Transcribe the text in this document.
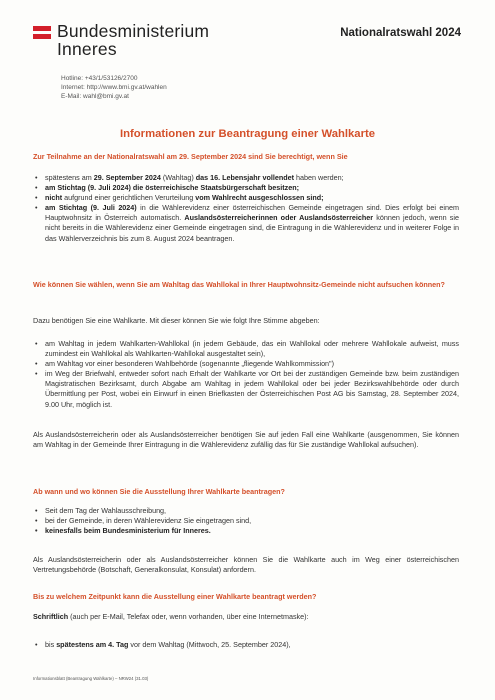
Bundesministerium
Inneres
Nationalratswahl 2024
Hotline: +43/1/53126/2700
Internet: http://www.bmi.gv.at/wahlen
E-Mail: wahl@bmi.gv.at
Informationen zur Beantragung einer Wahlkarte
Zur Teilnahme an der Nationalratswahl am 29. September 2024 sind Sie berechtigt, wenn Sie
• spätestens am 29. September 2024 (Wahltag) das 16. Lebensjahr vollendet haben werden;
• am Stichtag (9. Juli 2024) die österreichische Staatsbürgerschaft besitzen;
• nicht aufgrund einer gerichtlichen Verurteilung vom Wahlrecht ausgeschlossen sind;
• am Stichtag (9. Juli 2024) in die Wählerevidenz einer österreichischen Gemeinde eingetragen sind. Dies erfolgt bei einem Hauptwohnsitz in Österreich automatisch. Auslandsösterreicherinnen oder Auslandsösterreicher können jedoch, wenn sie nicht bereits in die Wählerevidenz einer Gemeinde eingetragen sind, die Eintragung in die Wählerevidenz und in weiterer Folge in das Wählerverzeichnis bis zum 8. August 2024 beantragen.
Wie können Sie wählen, wenn Sie am Wahltag das Wahllokal in Ihrer Hauptwohnsitz-Gemeinde nicht aufsuchen können?
Dazu benötigen Sie eine Wahlkarte. Mit dieser können Sie wie folgt Ihre Stimme abgeben:
• am Wahltag in jedem Wahlkarten-Wahllokal (in jedem Gebäude, das ein Wahllokal oder mehrere Wahllokale aufweist, muss zumindest ein Wahllokal als Wahlkarten-Wahllokal ausgestaltet sein),
• am Wahltag vor einer besonderen Wahlbehörde (sogenannte „fliegende Wahlkommission")
• im Weg der Briefwahl, entweder sofort nach Erhalt der Wahlkarte vor Ort bei der zuständigen Gemeinde bzw. beim zuständigen Magistratischen Bezirksamt, durch Abgabe am Wahltag in jedem Wahllokal oder bei jeder Bezirkswahlbehörde oder durch Übermittlung per Post, wobei ein Einwurf in einen Briefkasten der Österreichischen Post AG bis Samstag, 28. September 2024, 9.00 Uhr, möglich ist.
Als Auslandsösterreicherin oder als Auslandsösterreicher benötigen Sie auf jeden Fall eine Wahlkarte (ausgenommen, Sie können am Wahltag in der Gemeinde Ihrer Eintragung in die Wählerevidenz zufällig das für Sie zuständige Wahllokal aufsuchen).
Ab wann und wo können Sie die Ausstellung Ihrer Wahlkarte beantragen?
• Seit dem Tag der Wahlausschreibung,
• bei der Gemeinde, in deren Wählerevidenz Sie eingetragen sind,
• keinesfalls beim Bundesministerium für Inneres.
Als Auslandsösterreicherin oder als Auslandsösterreicher können Sie die Wahlkarte auch im Weg einer österreichischen Vertretungsbehörde (Botschaft, Generalkonsulat, Konsulat) anfordern.
Bis zu welchem Zeitpunkt kann die Ausstellung einer Wahlkarte beantragt werden?
Schriftlich (auch per E-Mail, Telefax oder, wenn vorhanden, über eine Internetmaske):
• bis spätestens am 4. Tag vor dem Wahltag (Mittwoch, 25. September 2024),
Informationsblatt (Beantragung Wahlkarte) – NRW24 (31.03)
